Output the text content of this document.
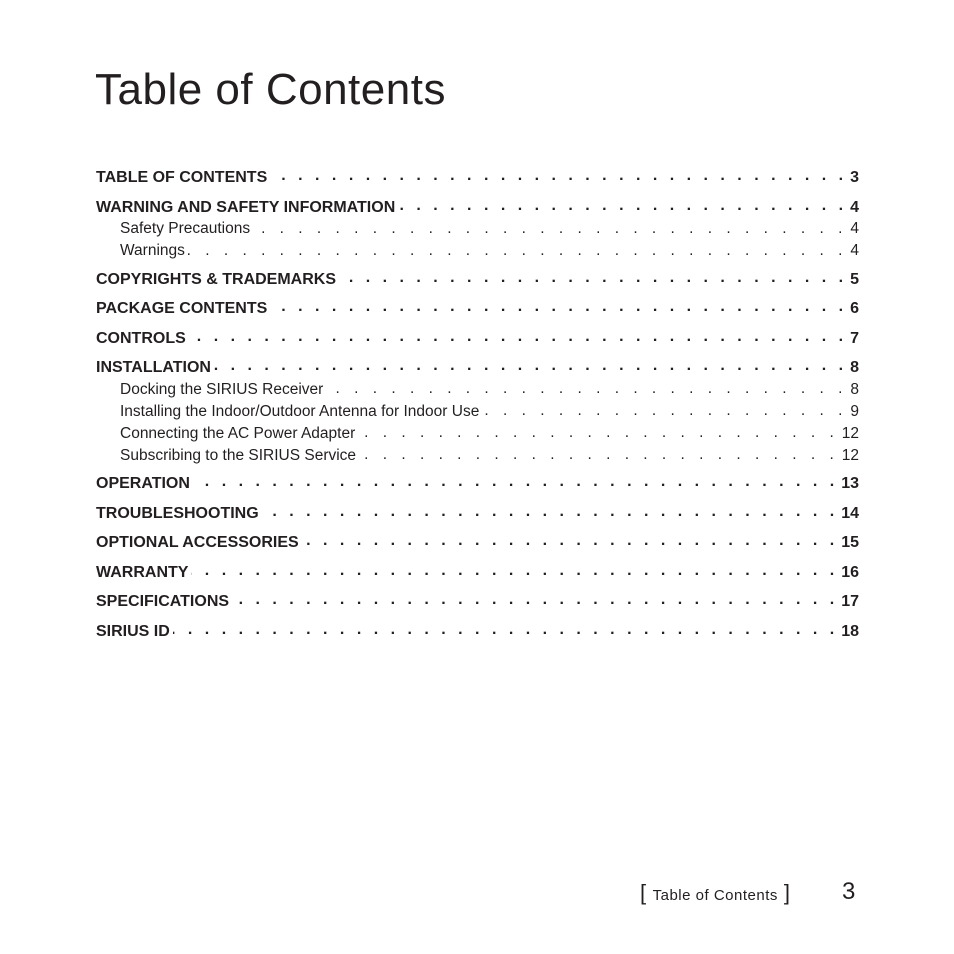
Table of Contents
TABLE OF CONTENTS . . .	3
WARNING AND SAFETY INFORMATION . . .	4
Safety Precautions . . .	4
Warnings . . .	4
COPYRIGHTS & TRADEMARKS . . .	5
PACKAGE CONTENTS . . .	6
CONTROLS . . .	7
INSTALLATION . . .	8
Docking the SIRIUS Receiver . . .	8
Installing the Indoor/Outdoor Antenna for Indoor Use . . .	9
Connecting the AC Power Adapter . . .	12
Subscribing to the SIRIUS Service . . .	12
OPERATION . . .	13
TROUBLESHOOTING . . .	14
OPTIONAL ACCESSORIES . . .	15
WARRANTY . . .	16
SPECIFICATIONS . . .	17
SIRIUS ID . . .	18
[ Table of Contents ] 3
